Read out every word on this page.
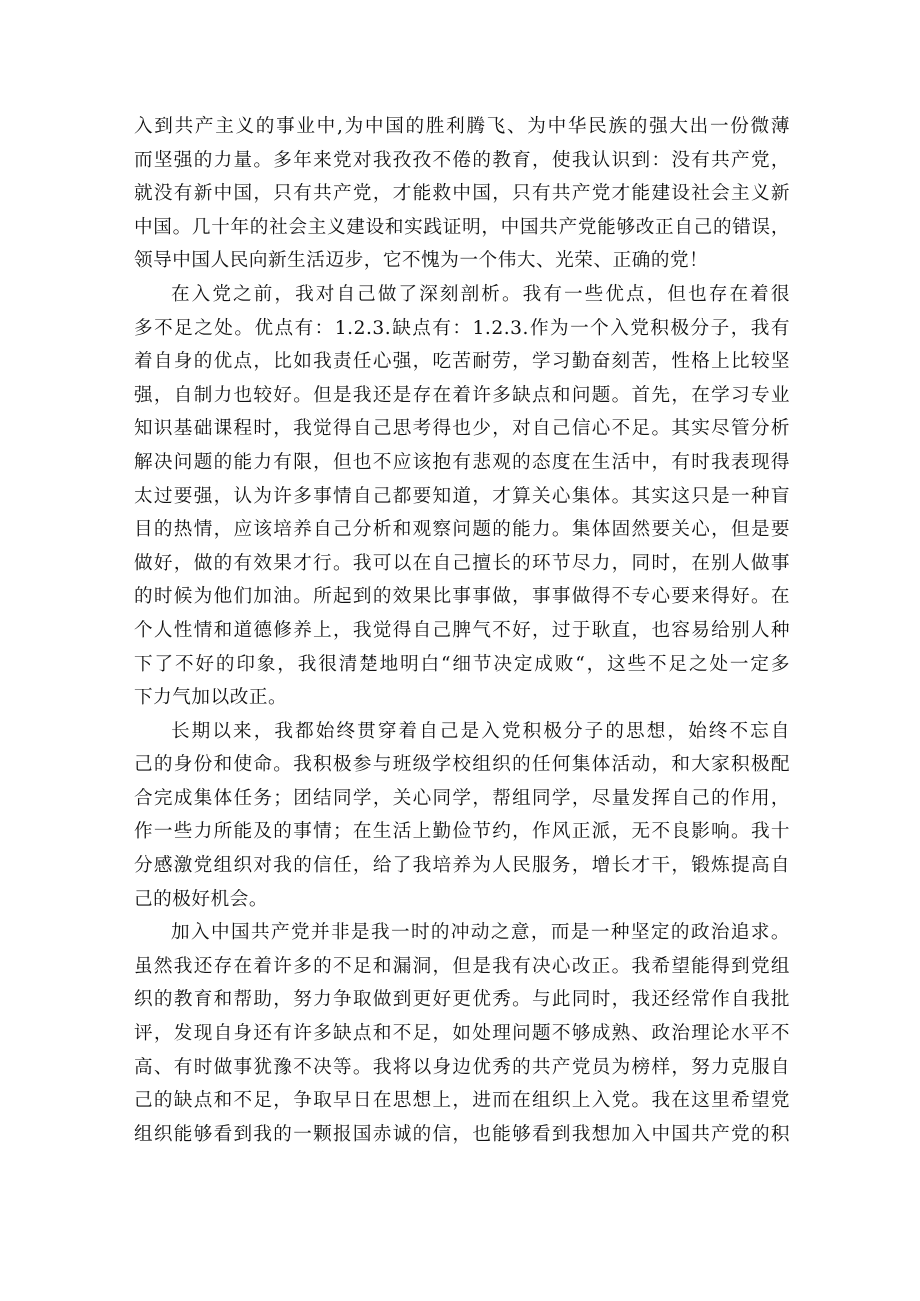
入到共产主义的事业中,为中国的胜利腾飞、为中华民族的强大出一份微薄
而坚强的力量。多年来党对我孜孜不倦的教育，使我认识到：没有共产党，
就没有新中国，只有共产党，才能救中国，只有共产党才能建设社会主义新
中国。几十年的社会主义建设和实践证明，中国共产党能够改正自己的错误，
领导中国人民向新生活迈步，它不愧为一个伟大、光荣、正确的党！
在入党之前，我对自己做了深刻剖析。我有一些优点，但也存在着很
多不足之处。优点有：1.2.3.缺点有：1.2.3.作为一个入党积极分子，我有
着自身的优点，比如我责任心强，吃苦耐劳，学习勤奋刻苦，性格上比较坚
强，自制力也较好。但是我还是存在着许多缺点和问题。首先，在学习专业
知识基础课程时，我觉得自己思考得也少，对自己信心不足。其实尽管分析
解决问题的能力有限，但也不应该抱有悲观的态度在生活中，有时我表现得
太过要强，认为许多事情自己都要知道，才算关心集体。其实这只是一种盲
目的热情，应该培养自己分析和观察问题的能力。集体固然要关心，但是要
做好，做的有效果才行。我可以在自己擅长的环节尽力，同时，在别人做事
的时候为他们加油。所起到的效果比事事做，事事做得不专心要来得好。在
个人性情和道德修养上，我觉得自己脾气不好，过于耿直，也容易给别人种
下了不好的印象，我很清楚地明白“细节决定成败“，这些不足之处一定多
下力气加以改正。
长期以来，我都始终贯穿着自己是入党积极分子的思想，始终不忘自
己的身份和使命。我积极参与班级学校组织的任何集体活动，和大家积极配
合完成集体任务；团结同学，关心同学，帮组同学，尽量发挥自己的作用，
作一些力所能及的事情；在生活上勤俭节约，作风正派，无不良影响。我十
分感激党组织对我的信任，给了我培养为人民服务，增长才干，锻炼提高自
己的极好机会。
加入中国共产党并非是我一时的冲动之意，而是一种坚定的政治追求。
虽然我还存在着许多的不足和漏洞，但是我有决心改正。我希望能得到党组
织的教育和帮助，努力争取做到更好更优秀。与此同时，我还经常作自我批
评，发现自身还有许多缺点和不足，如处理问题不够成熟、政治理论水平不
高、有时做事犹豫不决等。我将以身边优秀的共产党员为榜样，努力克服自
己的缺点和不足，争取早日在思想上，进而在组织上入党。我在这里希望党
组织能够看到我的一颗报国赤诚的信，也能够看到我想加入中国共产党的积
